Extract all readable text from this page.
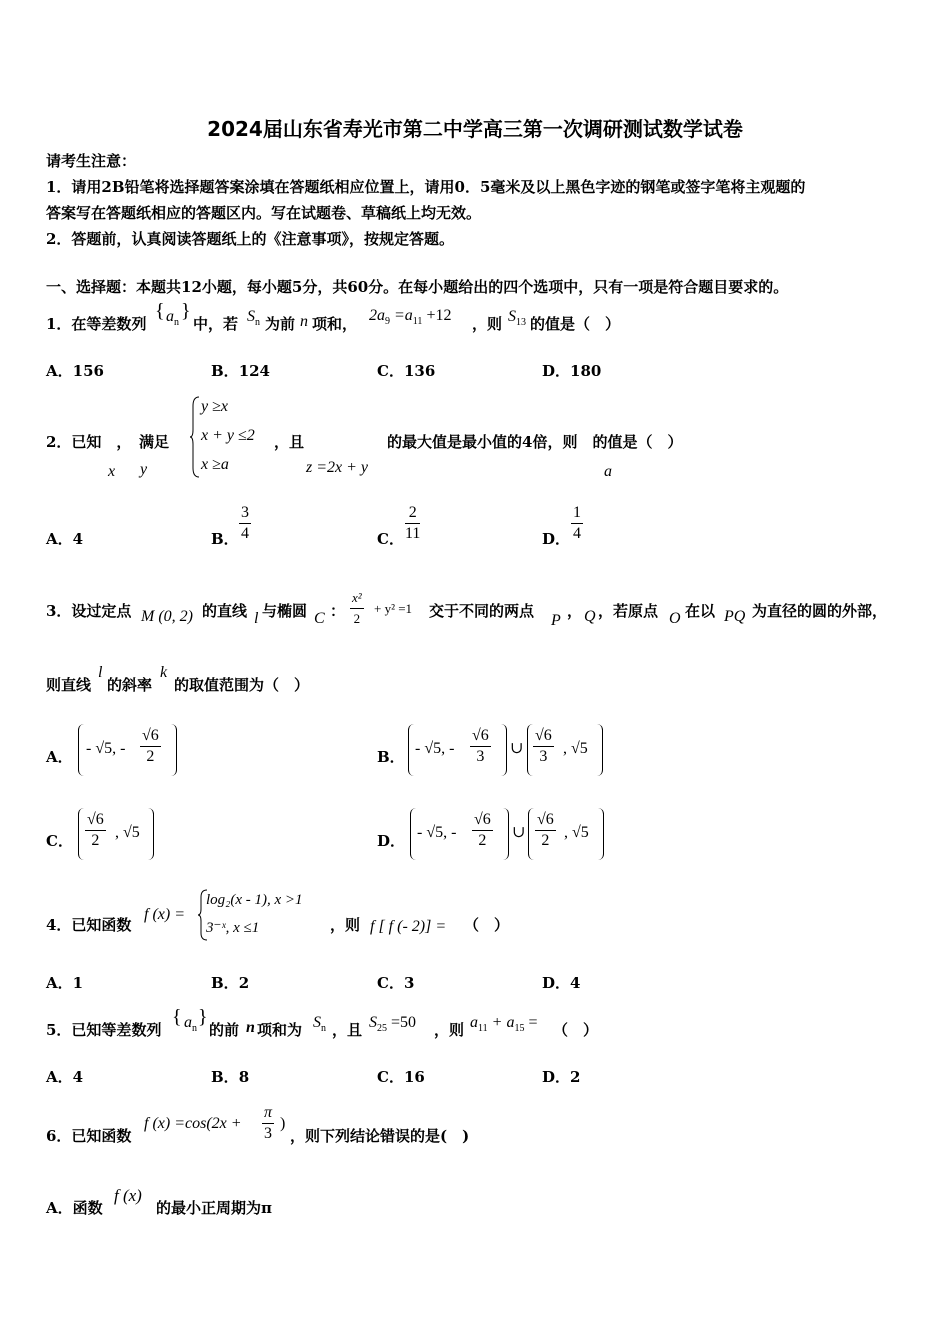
2024届山东省寿光市第二中学高三第一次调研测试数学试卷
请考生注意：
1．请用2B铅笔将选择题答案涂填在答题纸相应位置上，请用0．5毫米及以上黑色字迹的钢笔或签字笔将主观题的
答案写在答题纸相应的答题区内。写在试题卷、草稿纸上均无效。
2．答题前，认真阅读答题纸上的《注意事项》，按规定答题。
一、选择题：本题共12小题，每小题5分，共60分。在每小题给出的四个选项中，只有一项是符合题目要求的。
1．在等差数列
{ $a_n$
}
中，若 $S_n$ 为前 n 项和， $2a_9 =a_{11} +12$ ，则 $S_{13}$ 的值是（　）
A．156	B．124	C．136	D．180
2．已知　，　满足
x y
y ≥x
x + y ≤2
x ≥a
，且
z =2x + y
的最大值是最小值的4倍，则　的值是（　）
a
A．4	B． $\frac{3}{4}$	C． $\frac{2}{11}$	D． $\frac{1}{4}$
3．设过定点 M (0, 2) 的直线 l 与椭圆 C ： $\frac{\text{x²}}{2} + y^2 =1$ 交于不同的两点
P
， Q ，若原点 O 在以 PQ 为直径的圆的外部，
则直线
l
的斜率
k
的取值范围为（　）
A． - √5, - $\frac{√6}{2}$	B． - √5, - $\frac{√6}{3}$ ∪ $\frac{√6}{3}$ , √5
C． $\frac{√6}{2}$ , √5	D． - √5, - $\frac{√6}{2}$ ∪ $\frac{√6}{2}$ , √5
4．已知函数
f (x) =
log₂(x - 1), x >1
3⁻ˣ, x ≤1	，则 f [ f (- 2)] = （　）
A．1	B．2	C．3	D．4
5．已知等差数列
{ $a_n$
}
的前 n 项和为 $S_n$ ，且 $S_{25} =50$ ，则 $a_{11} + a_{15}$ = （　）
A．4	B．8	C．16	D．2
6．已知函数
f $(x) =\cos(2x + \frac{\pi}{3}$ )
，则下列结论错误的是(　)
A．函数
f (x)
的最小正周期为π
